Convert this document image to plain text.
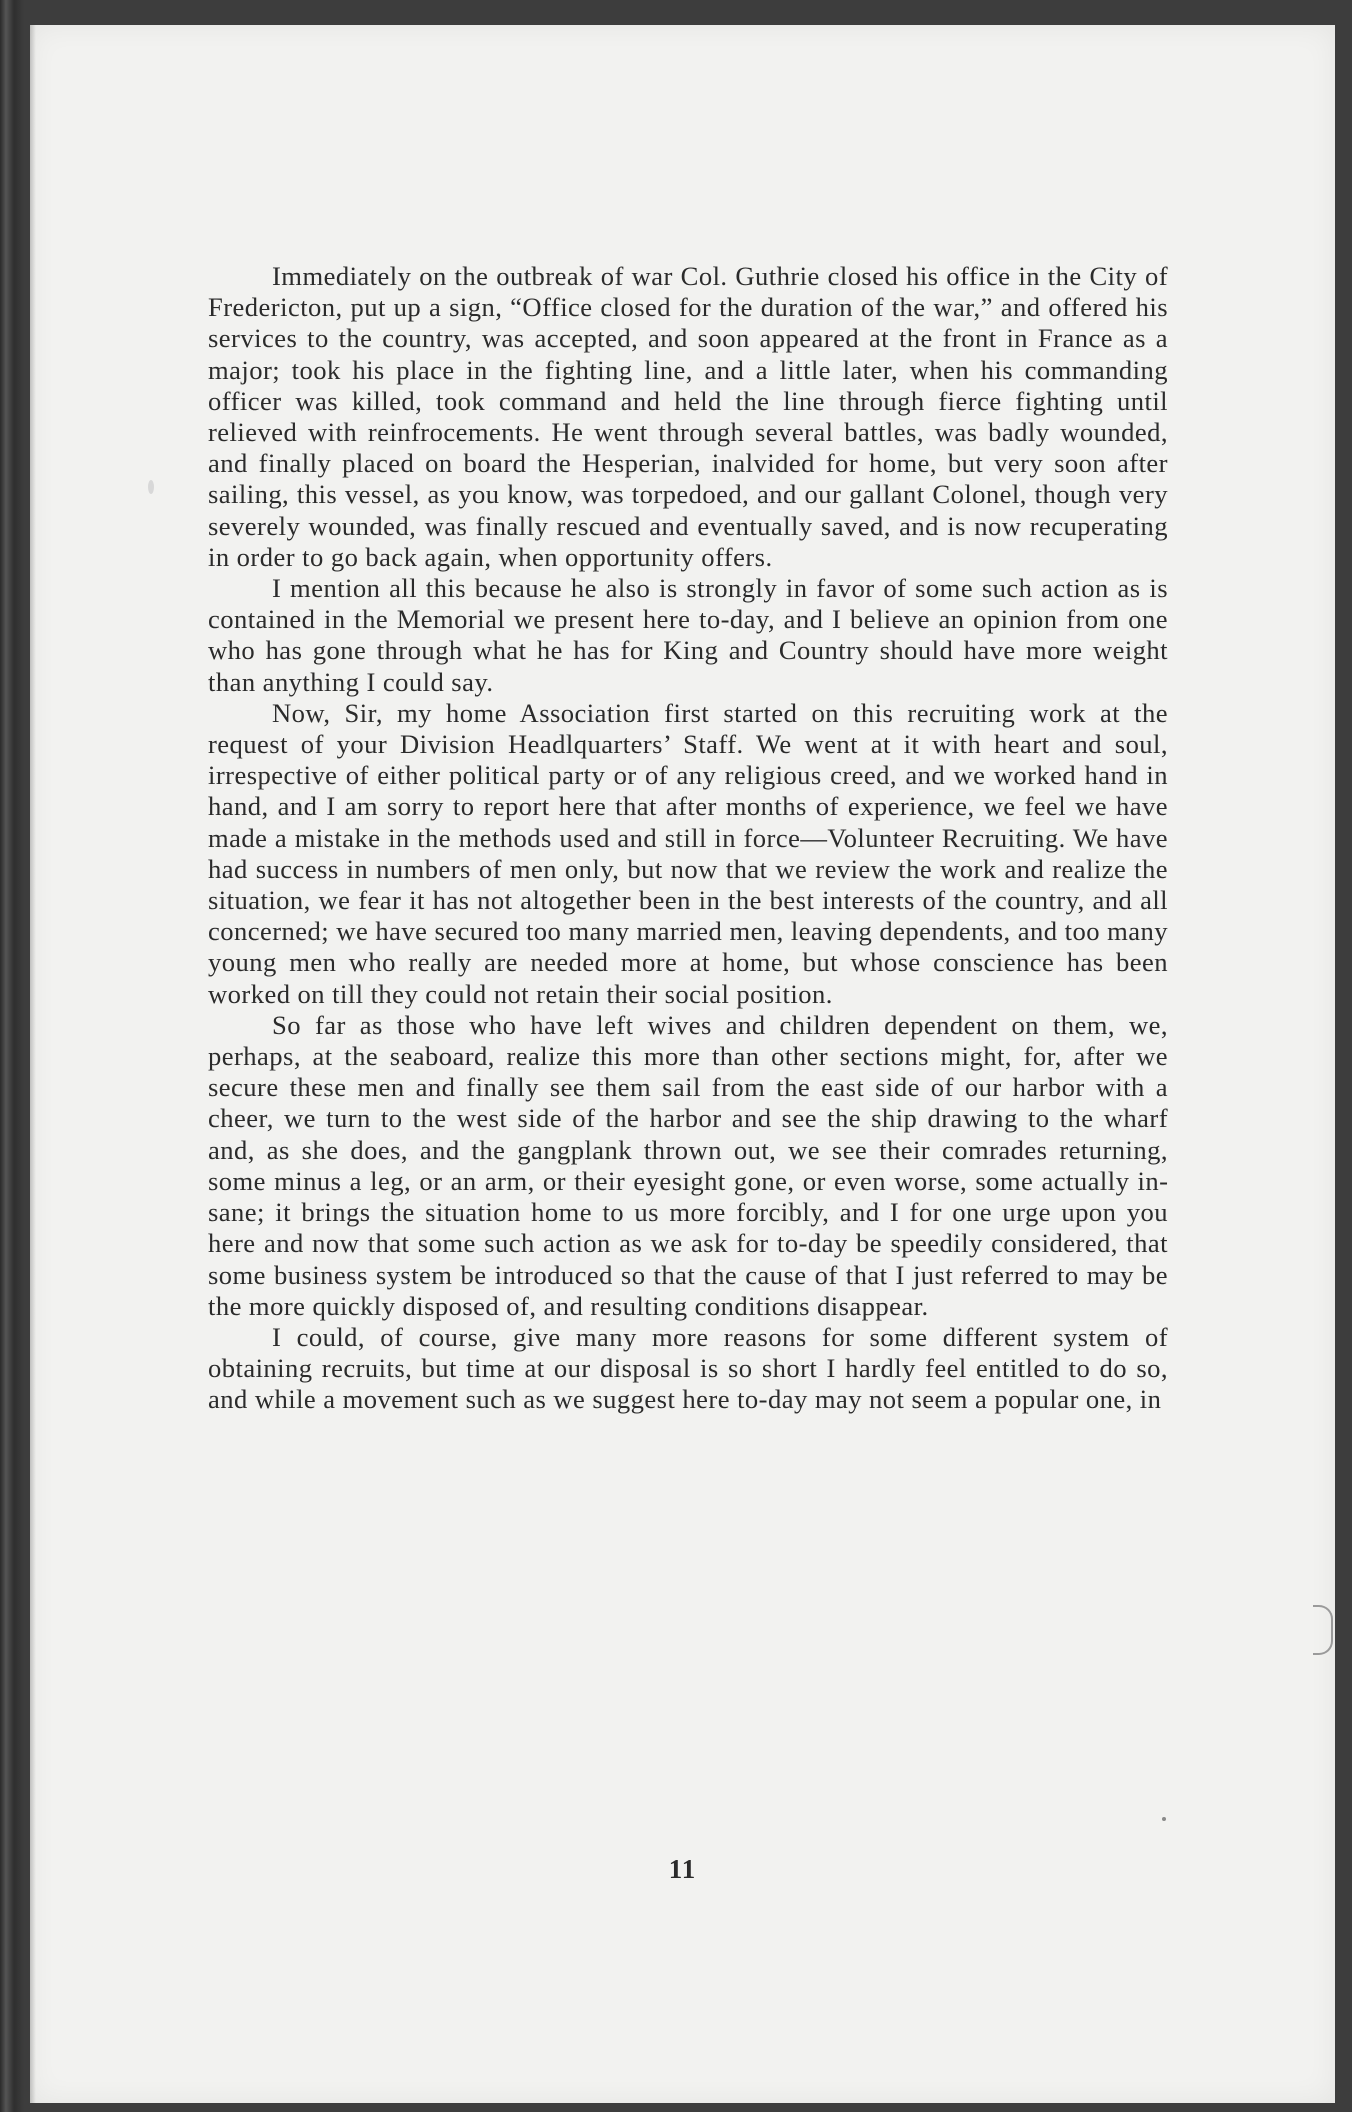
Immediately on the outbreak of war Col. Guthrie closed his office in the City of Fredericton, put up a sign, “Office closed for the duration of the war,” and offered his services to the country, was accepted, and soon appeared at the front in France as a major; took his place in the fighting line, and a little later, when his commanding officer was killed, took command and held the line through fierce fighting until relieved with reinfrocements. He went through several battles, was badly wounded, and finally placed on board the Hesperian, inalvided for home, but very soon after sailing, this vessel, as you know, was torpedoed, and our gallant Colonel, though very severely wounded, was finally rescued and eventually saved, and is now recuperating in order to go back again, when opportunity offers.

I mention all this because he also is strongly in favor of some such action as is contained in the Memorial we present here to-day, and I believe an opinion from one who has gone through what he has for King and Country should have more weight than anything I could say.

Now, Sir, my home Association first started on this recruiting work at the request of your Division Headlquarters’ Staff. We went at it with heart and soul, irrespective of either political party or of any religious creed, and we worked hand in hand, and I am sorry to report here that after months of experience, we feel we have made a mistake in the methods used and still in force—Volunteer Recruiting. We have had success in numbers of men only, but now that we review the work and realize the situation, we fear it has not altogether been in the best interests of the country, and all concerned; we have secured too many married men, leaving dependents, and too many young men who really are needed more at home, but whose conscience has been worked on till they could not retain their social position.

So far as those who have left wives and children dependent on them, we, perhaps, at the seaboard, realize this more than other sections might, for, after we secure these men and finally see them sail from the east side of our harbor with a cheer, we turn to the west side of the harbor and see the ship drawing to the wharf and, as she does, and the gangplank thrown out, we see their comrades returning, some minus a leg, or an arm, or their eyesight gone, or even worse, some actually insane; it brings the situation home to us more forcibly, and I for one urge upon you here and now that some such action as we ask for to-day be speedily considered, that some business system be introduced so that the cause of that I just referred to may be the more quickly disposed of, and resulting conditions disappear.

I could, of course, give many more reasons for some different system of obtaining recruits, but time at our disposal is so short I hardly feel entitled to do so, and while a movement such as we suggest here to-day may not seem a popular one, in

11
